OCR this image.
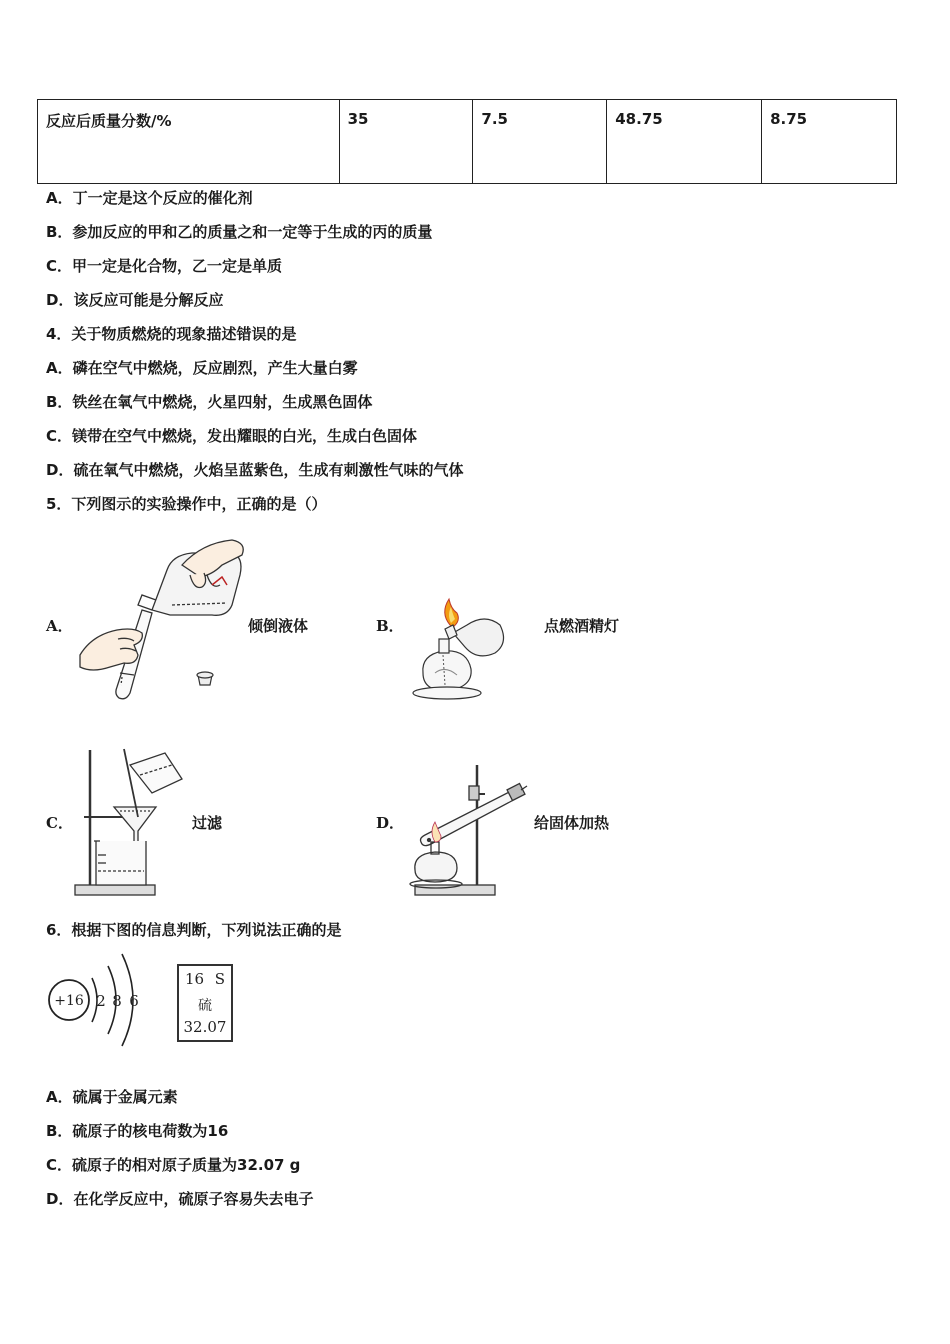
反应后质量分数/%	35	7.5	48.75	8.75
A．丁一定是这个反应的催化剂
B．参加反应的甲和乙的质量之和一定等于生成的丙的质量
C．甲一定是化合物，乙一定是单质
D．该反应可能是分解反应
4．关于物质燃烧的现象描述错误的是
A．磷在空气中燃烧，反应剧烈，产生大量白雾
B．铁丝在氧气中燃烧，火星四射，生成黑色固体
C．镁带在空气中燃烧，发出耀眼的白光，生成白色固体
D．硫在氧气中燃烧，火焰呈蓝紫色，生成有刺激性气味的气体
5．下列图示的实验操作中，正确的是（）
A．	倾倒液体	B．	点燃酒精灯
C．	过滤	D．	给固体加热
6．根据下图的信息判断，下列说法正确的是
+16 2 8 6
16 S
硫
32.07
A．硫属于金属元素
B．硫原子的核电荷数为16
C．硫原子的相对原子质量为32.07 g
D．在化学反应中，硫原子容易失去电子
